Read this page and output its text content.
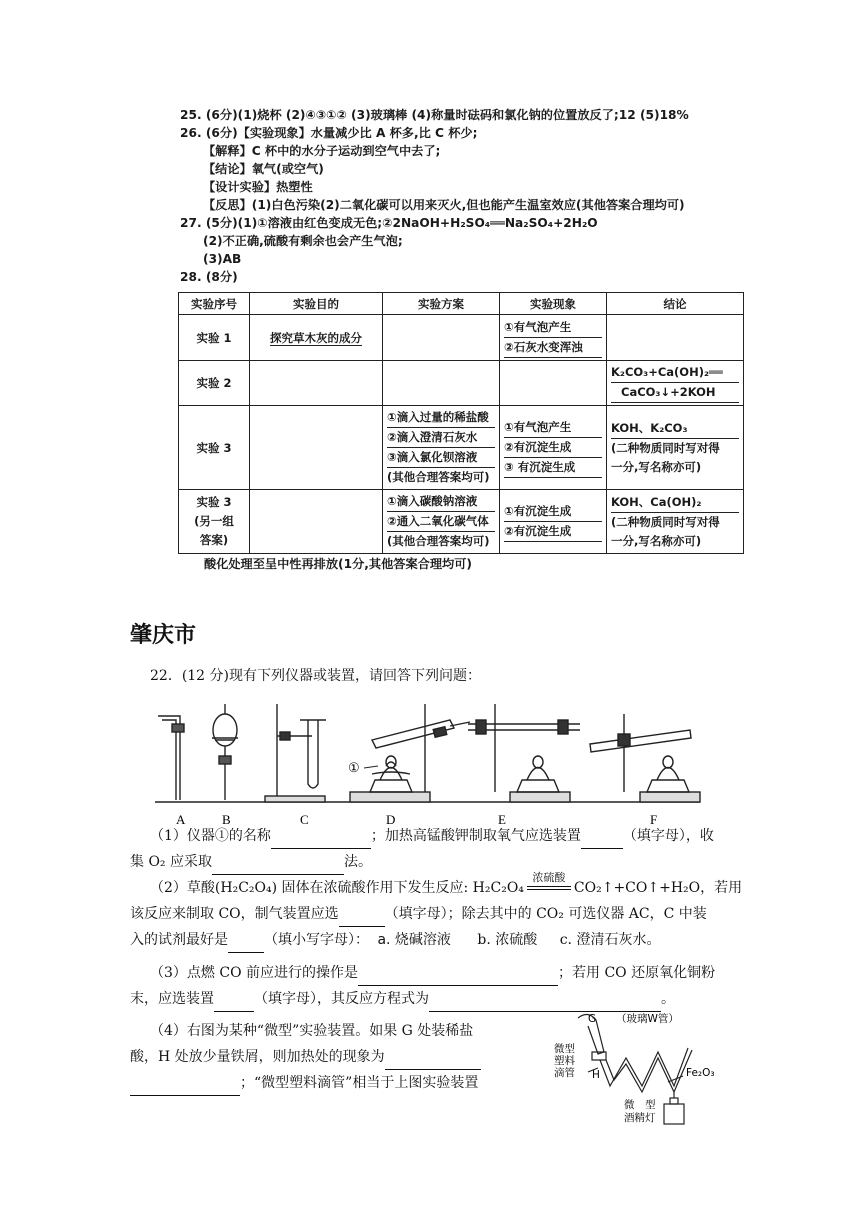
25. (6分)(1)烧杯 (2)④③①② (3)玻璃棒 (4)称量时砝码和氯化钠的位置放反了;12 (5)18%
26. (6分)【实验现象】水量减少比 A 杯多,比 C 杯少;
【解释】C 杯中的水分子运动到空气中去了;
【结论】氧气(或空气)
【设计实验】热塑性
【反思】(1)白色污染(2)二氧化碳可以用来灭火,但也能产生温室效应(其他答案合理均可)
27. (5分)(1)①溶液由红色变成无色;②2NaOH+H₂SO₄══Na₂SO₄+2H₂O
(2)不正确,硫酸有剩余也会产生气泡;
(3)AB
28. (8分)
实验序号	实验目的	实验方案	实验现象	结论
实验 1	探究草木灰的成分		①有气泡产生
②石灰水变浑浊	

实验 2				K₂CO₃+Ca(OH)₂══
CaCO₃↓+2KOH

实验 3		①滴入过量的稀盐酸
②滴入澄清石灰水
③滴入氯化钡溶液
(其他合理答案均可)	①有气泡产生
②有沉淀生成
③ 有沉淀生成	KOH、K₂CO₃
(二种物质同时写对得
一分,写名称亦可)

实验 3
(另一组
答案)		①滴入碳酸钠溶液
②通入二氧化碳气体
(其他合理答案均可)	①有沉淀生成
②有沉淀生成	KOH、Ca(OH)₂
(二种物质同时写对得
一分,写名称亦可)
酸化处理至呈中性再排放(1分,其他答案合理均可)
肇庆市
22．(12 分)现有下列仪器或装置，请回答下列问题：
①
A	B	C	D	E	F
（1）仪器①的名称	；加热高锰酸钾制取氧气应选装置	（填字母），收
集 O₂ 应采取	法。
（2）草酸(H₂C₂O₄) 固体在浓硫酸作用下发生反应: H₂C₂O₄
浓硫酸
CO₂↑+CO↑+H₂O，若用
该反应来制取 CO，制气装置应选	（填字母）；除去其中的 CO₂ 可选仪器 AC，C 中装
入的试剂最好是	（填小写字母）： a. 烧碱溶液 b. 浓硫酸 c. 澄清石灰水。
（3）点燃 CO 前应进行的操作是	；若用 CO 还原氧化铜粉
末，应选装置	（填字母），其反应方程式为	。
（4）右图为某种“微型”实验装置。如果 G 处装稀盐
酸，H 处放少量铁屑，则加热处的现象为
；“微型塑料滴管”相当于上图实验装置
G （玻璃W管）
微型
塑料
滴管 H	Fe₂O₃
微　型
酒精灯
